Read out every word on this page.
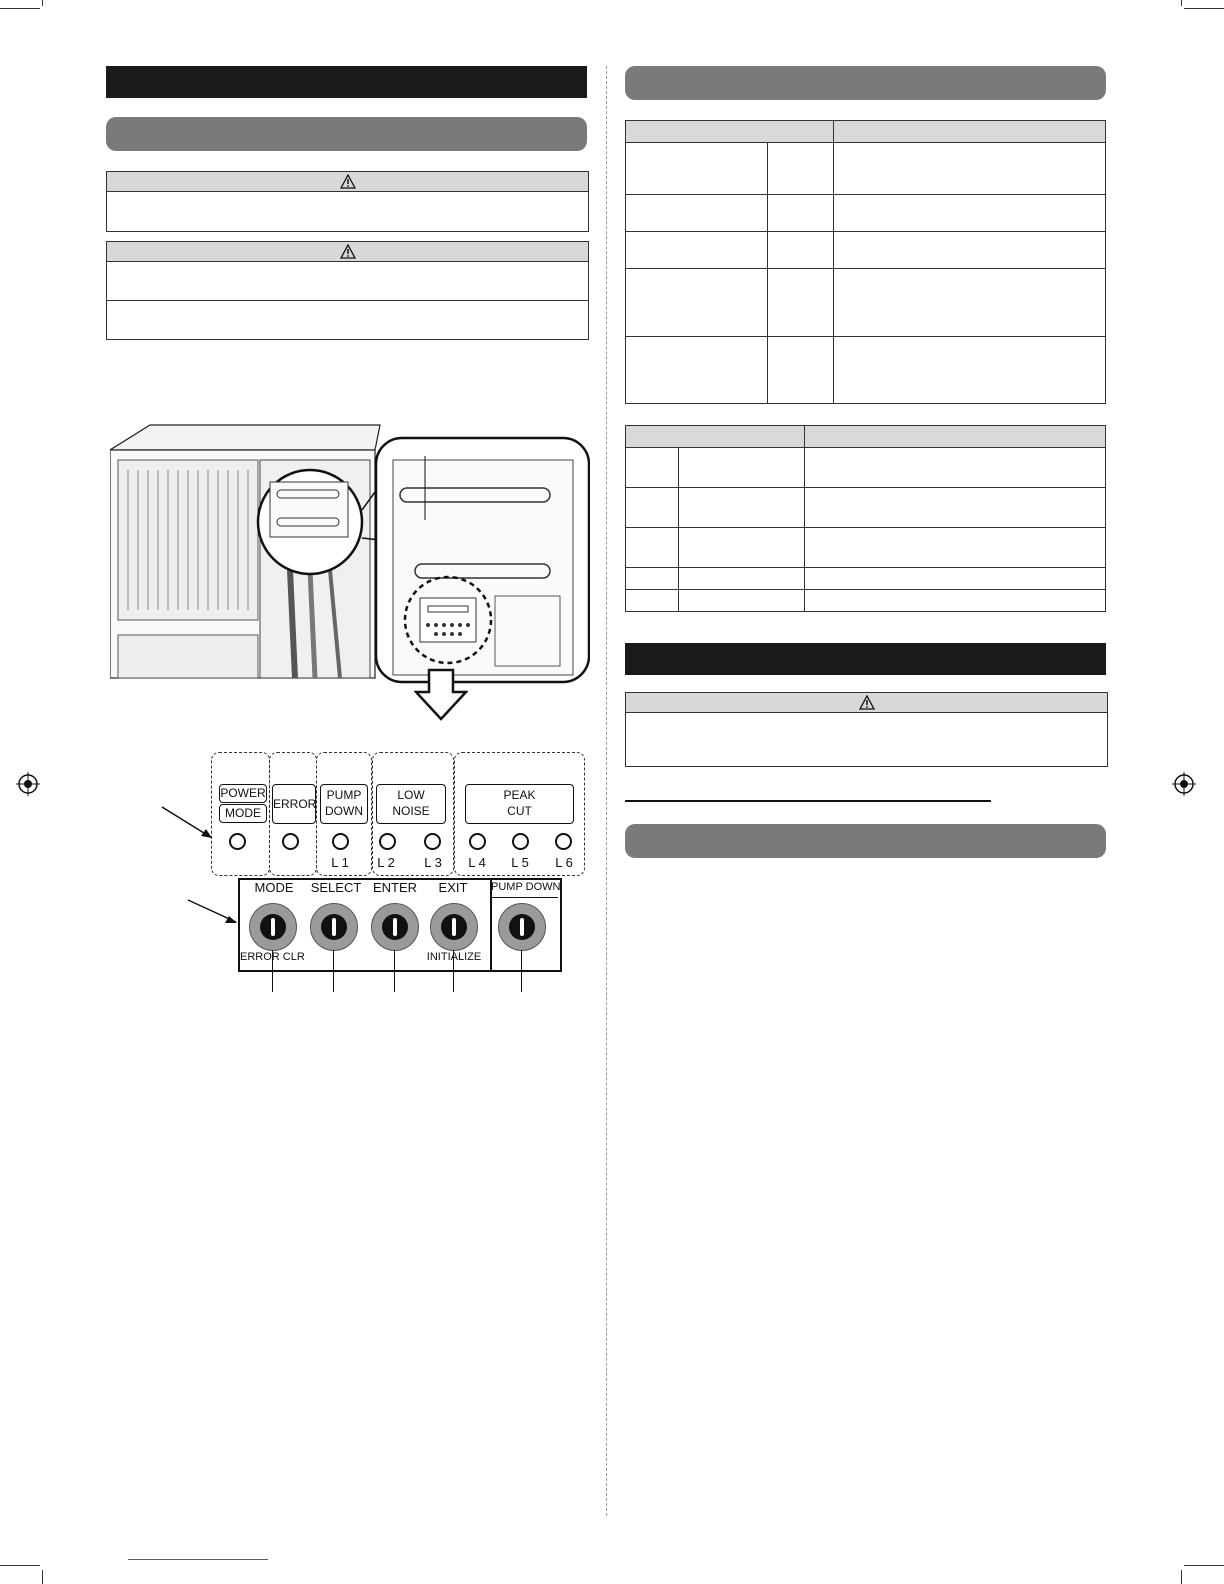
POWER
MODE
ERROR
PUMP
DOWN
LOW
NOISE
PEAK
CUT
L 1	L 2	L 3	L 4	L 5	L 6
MODE	SELECT ENTER	EXIT	PUMP DOWN
ERROR CLR	INITIALIZE
